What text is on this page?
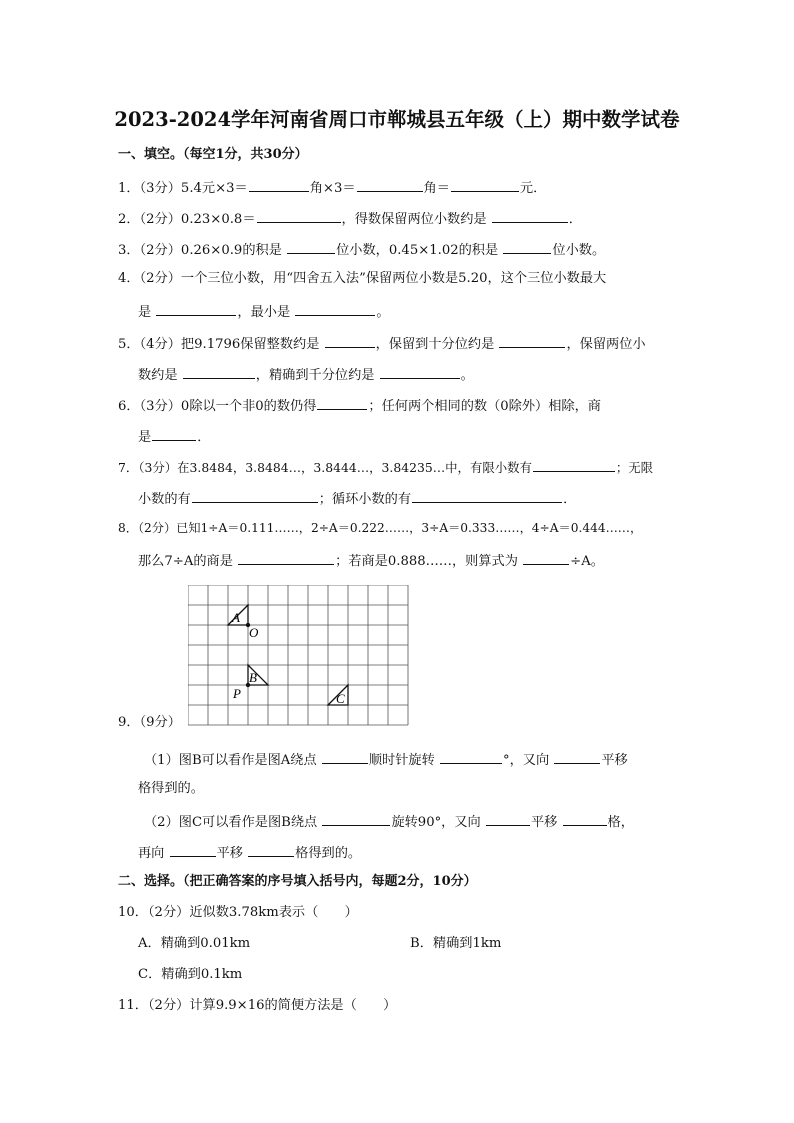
2023-2024学年河南省周口市郸城县五年级（上）期中数学试卷
一、填空。（每空1分，共30分）
1．（3分）5.4元×3＝	角×3＝	角＝	元．
2．（2分）0.23×0.8＝	，得数保留两位小数约是	．
3．（2分）0.26×0.9的积是	位小数，0.45×1.02的积是	位小数。
4．（2分）一个三位小数，用“四舍五入法”保留两位小数是5.20，这个三位小数最大
是	，最小是	。
5．（4分）把9.1796保留整数约是	，保留到十分位约是	，保留两位小
数约是	，精确到千分位约是	。
6．（3分）0除以一个非0的数仍得	；任何两个相同的数（0除外）相除，商
是	．
7．（3分）在3.8484，3.8484…，3.8444…，3.84235…中，有限小数有	；无限
小数的有	；循环小数的有	．
8．（2分）已知1÷A＝0.111……，2÷A＝0.222……，3÷A＝0.333……，4÷A＝0.444……，
那么7÷A的商是	；若商是0.888……，则算式为	÷A。
A
O
B
P	C
9．（9分）
（1）图B可以看作是图A绕点	顺时针旋转	°，又向	平移
格得到的。
（2）图C可以看作是图B绕点	旋转90°，又向	平移	格，
再向	平移	格得到的。
二、选择。（把正确答案的序号填入括号内，每题2分，10分）
10．（2分）近似数3.78km表示（　　）
A．精确到0.01km	B．精确到1km
C．精确到0.1km
11．（2分）计算9.9×16的简便方法是（　　）
